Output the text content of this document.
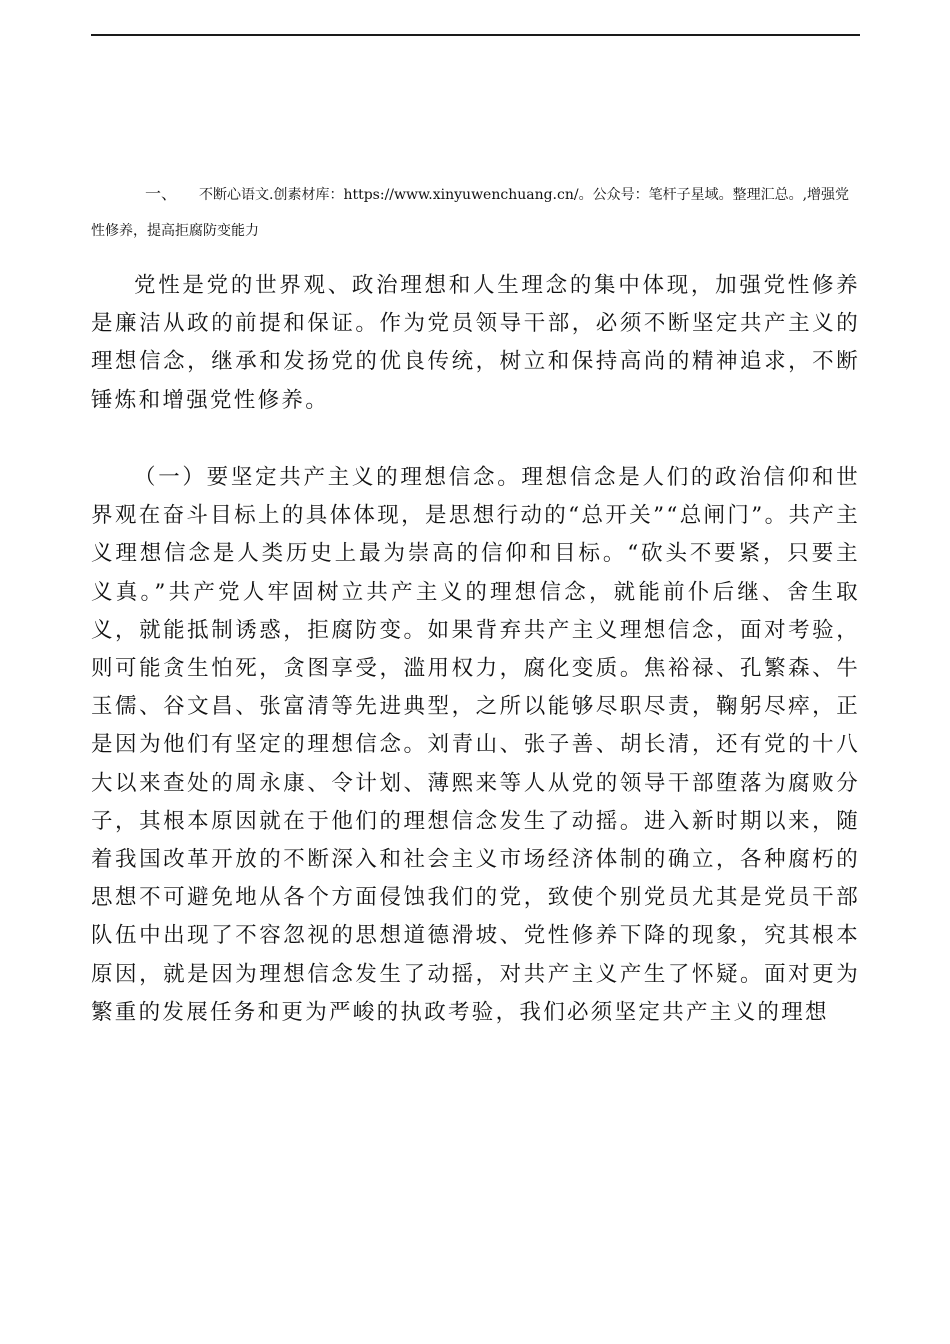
一、 不断心语文.创素材库：https://www.xinyuwenchuang.cn/。公众号：笔杆子星域。整理汇总。,增强党性修养，提高拒腐防变能力

党性是党的世界观、政治理想和人生理念的集中体现，加强党性修养是廉洁从政的前提和保证。作为党员领导干部，必须不断坚定共产主义的理想信念，继承和发扬党的优良传统，树立和保持高尚的精神追求，不断锤炼和增强党性修养。

（一）要坚定共产主义的理想信念。理想信念是人们的政治信仰和世界观在奋斗目标上的具体体现，是思想行动的“总开关”“总闸门”。共产主义理想信念是人类历史上最为崇高的信仰和目标。“砍头不要紧，只要主义真。”共产党人牢固树立共产主义的理想信念，就能前仆后继、舍生取义，就能抵制诱惑，拒腐防变。如果背弃共产主义理想信念，面对考验，则可能贪生怕死，贪图享受，滥用权力，腐化变质。焦裕禄、孔繁森、牛玉儒、谷文昌、张富清等先进典型，之所以能够尽职尽责，鞠躬尽瘁，正是因为他们有坚定的理想信念。刘青山、张子善、胡长清，还有党的十八大以来查处的周永康、令计划、薄熙来等人从党的领导干部堕落为腐败分子，其根本原因就在于他们的理想信念发生了动摇。进入新时期以来，随着我国改革开放的不断深入和社会主义市场经济体制的确立，各种腐朽的思想不可避免地从各个方面侵蚀我们的党，致使个别党员尤其是党员干部队伍中出现了不容忽视的思想道德滑坡、党性修养下降的现象，究其根本原因，就是因为理想信念发生了动摇，对共产主义产生了怀疑。面对更为繁重的发展任务和更为严峻的执政考验，我们必须坚定共产主义的理想
